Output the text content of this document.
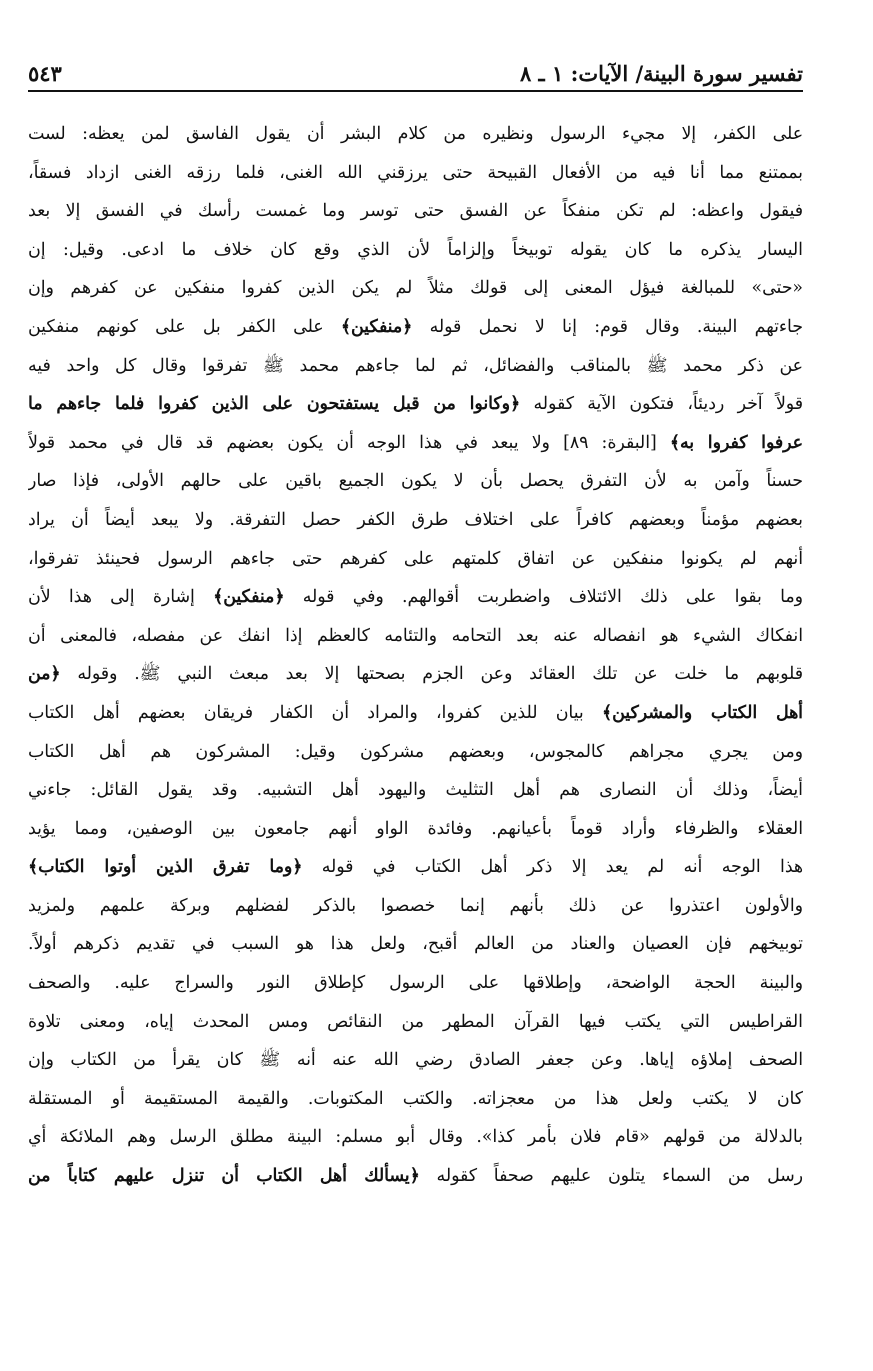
تفسير سورة البينة/ الآيات: ١ ـ ٨
٥٤٣
على الكفر، إلا مجيء الرسول ونظيره من كلام البشر أن يقول الفاسق لمن يعظه: لست
بممتنع مما أنا فيه من الأفعال القبيحة حتى يرزقني الله الغنى، فلما رزقه الغنى ازداد فسقاً،
فيقول واعظه: لم تكن منفكاً عن الفسق حتى توسر وما غمست رأسك في الفسق إلا بعد
اليسار يذكره ما كان يقوله توبيخاً وإلزاماً لأن الذي وقع كان خلاف ما ادعى. وقيل: إن
«حتى» للمبالغة فيؤل المعنى إلى قولك مثلاً لم يكن الذين كفروا منفكين عن كفرهم وإن
جاءتهم البينة. وقال قوم: إنا لا نحمل قوله ﴿منفكين﴾ على الكفر بل على كونهم منفكين
عن ذكر محمد ﷺ بالمناقب والفضائل، ثم لما جاءهم محمد ﷺ تفرقوا وقال كل واحد فيه
قولاً آخر رديئاً، فتكون الآية كقوله ﴿وكانوا من قبل يستفتحون على الذين كفروا فلما جاءهم ما
عرفوا كفروا به﴾ [البقرة: ٨٩] ولا يبعد في هذا الوجه أن يكون بعضهم قد قال في محمد قولاً
حسناً وآمن به لأن التفرق يحصل بأن لا يكون الجميع باقين على حالهم الأولى، فإذا صار
بعضهم مؤمناً وبعضهم كافراً على اختلاف طرق الكفر حصل التفرقة. ولا يبعد أيضاً أن يراد
أنهم لم يكونوا منفكين عن اتفاق كلمتهم على كفرهم حتى جاءهم الرسول فحينئذ تفرقوا،
وما بقوا على ذلك الائتلاف واضطربت أقوالهم. وفي قوله ﴿منفكين﴾ إشارة إلى هذا لأن
انفكاك الشيء هو انفصاله عنه بعد التحامه والتئامه كالعظم إذا انفك عن مفصله، فالمعنى أن
قلوبهم ما خلت عن تلك العقائد وعن الجزم بصحتها إلا بعد مبعث النبي ﷺ. وقوله ﴿من
أهل الكتاب والمشركين﴾ بيان للذين كفروا، والمراد أن الكفار فريقان بعضهم أهل الكتاب
ومن يجري مجراهم كالمجوس، وبعضهم مشركون وقيل: المشركون هم أهل الكتاب
أيضاً، وذلك أن النصارى هم أهل التثليث واليهود أهل التشبيه. وقد يقول القائل: جاءني
العقلاء والظرفاء وأراد قوماً بأعيانهم. وفائدة الواو أنهم جامعون بين الوصفين، ومما يؤيد
هذا الوجه أنه لم يعد إلا ذكر أهل الكتاب في قوله ﴿وما تفرق الذين أوتوا الكتاب﴾
والأولون اعتذروا عن ذلك بأنهم إنما خصصوا بالذكر لفضلهم وبركة علمهم ولمزيد
توبيخهم فإن العصيان والعناد من العالم أقبح، ولعل هذا هو السبب في تقديم ذكرهم أولاً.
والبينة الحجة الواضحة، وإطلاقها على الرسول كإطلاق النور والسراج عليه. والصحف
القراطيس التي يكتب فيها القرآن المطهر من النقائص ومس المحدث إياه، ومعنى تلاوة
الصحف إملاؤه إياها. وعن جعفر الصادق رضي الله عنه أنه ﷺ كان يقرأ من الكتاب وإن
كان لا يكتب ولعل هذا من معجزاته. والكتب المكتوبات. والقيمة المستقيمة أو المستقلة
بالدلالة من قولهم «قام فلان بأمر كذا». وقال أبو مسلم: البينة مطلق الرسل وهم الملائكة أي
رسل من السماء يتلون عليهم صحفاً كقوله ﴿يسألك أهل الكتاب أن تنزل عليهم كتاباً من
